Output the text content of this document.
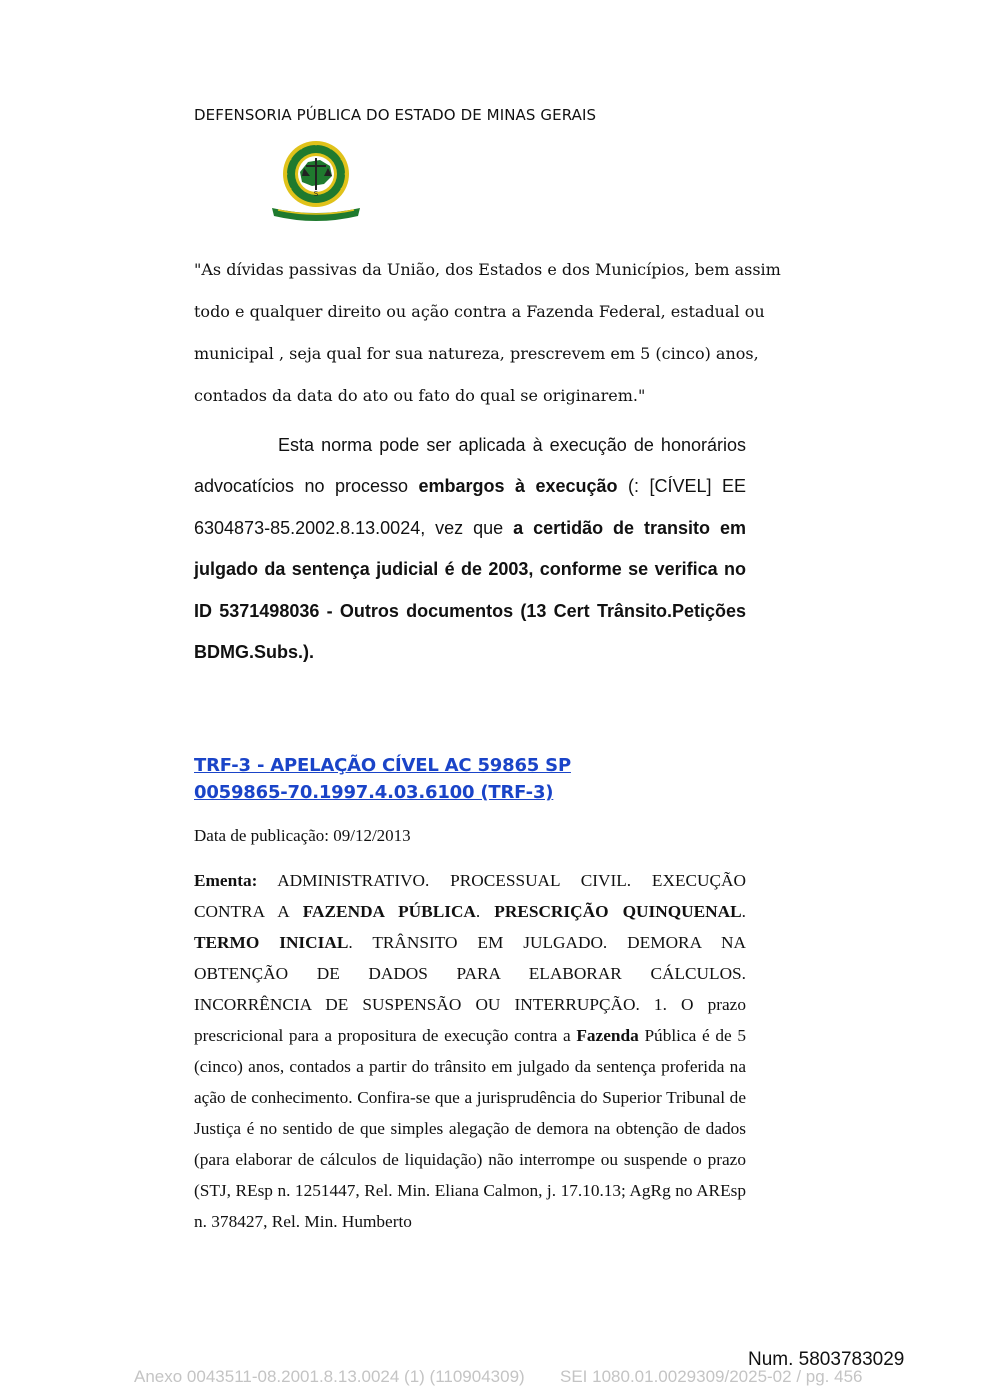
DEFENSORIA PÚBLICA DO ESTADO DE MINAS GERAIS
S

"As dívidas passivas da União, dos Estados e dos Municípios, bem assim
todo e qualquer direito ou ação contra a Fazenda Federal, estadual ou
municipal , seja qual for sua natureza, prescrevem em 5 (cinco) anos,
contados da data do ato ou fato do qual se originarem."

Esta norma pode ser aplicada à execução de honorários advocatícios no processo embargos à execução (: [CÍVEL] EE 6304873-85.2002.8.13.0024, vez que a certidão de transito em julgado da sentença judicial é de 2003, conforme se verifica no ID 5371498036 - Outros documentos (13 Cert Trânsito.Petições BDMG.Subs.).

TRF-3 - APELAÇÃO CÍVEL AC 59865 SP 0059865-70.1997.4.03.6100 (TRF-3)

Data de publicação: 09/12/2013

Ementa: ADMINISTRATIVO. PROCESSUAL CIVIL. EXECUÇÃO CONTRA A FAZENDA PÚBLICA. PRESCRIÇÃO QUINQUENAL. TERMO INICIAL. TRÂNSITO EM JULGADO. DEMORA NA OBTENÇÃO DE DADOS PARA ELABORAR CÁLCULOS. INCORRÊNCIA DE SUSPENSÃO OU INTERRUPÇÃO. 1. O prazo prescricional para a propositura de execução contra a Fazenda Pública é de 5 (cinco) anos, contados a partir do trânsito em julgado da sentença proferida na ação de conhecimento. Confira-se que a jurisprudência do Superior Tribunal de Justiça é no sentido de que simples alegação de demora na obtenção de dados (para elaborar de cálculos de liquidação) não interrompe ou suspende o prazo (STJ, REsp n. 1251447, Rel. Min. Eliana Calmon, j. 17.10.13; AgRg no AREsp n. 378427, Rel. Min. Humberto

Num. 5803783029
Anexo 0043511-08.2001.8.13.0024 (1) (110904309) SEI 1080.01.0029309/2025-02 / pg. 456
